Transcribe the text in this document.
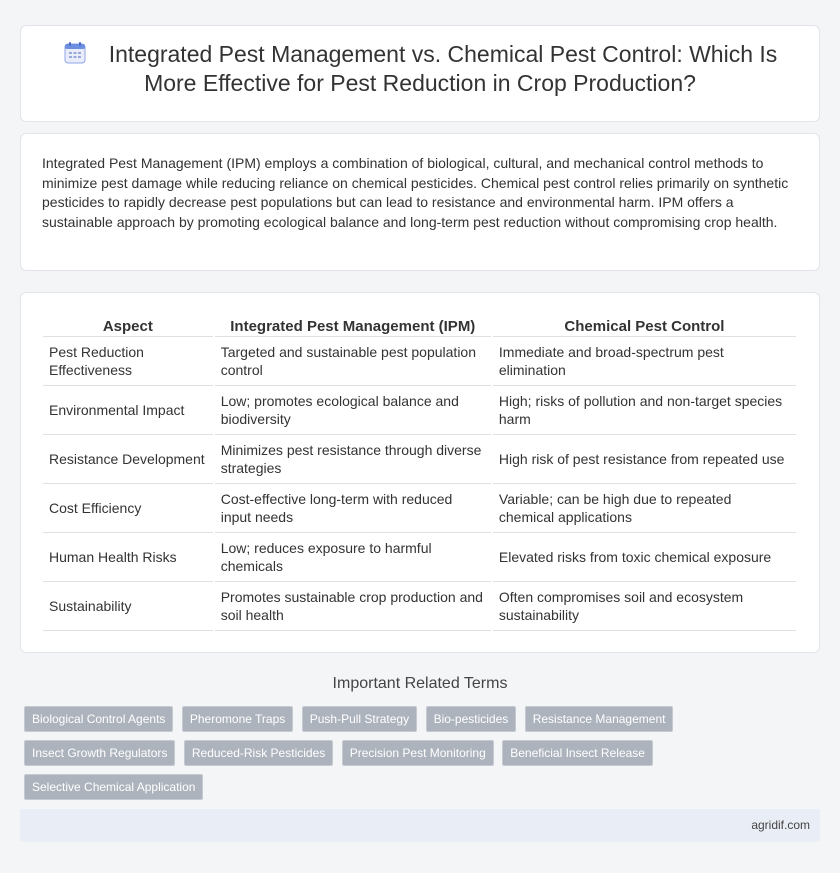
Integrated Pest Management vs. Chemical Pest Control: Which Is More Effective for Pest Reduction in Crop Production?

Integrated Pest Management (IPM) employs a combination of biological, cultural, and mechanical control methods to minimize pest damage while reducing reliance on chemical pesticides. Chemical pest control relies primarily on synthetic pesticides to rapidly decrease pest populations but can lead to resistance and environmental harm. IPM offers a sustainable approach by promoting ecological balance and long-term pest reduction without compromising crop health.

Aspect	Integrated Pest Management (IPM)	Chemical Pest Control
Pest Reduction Effectiveness	Targeted and sustainable pest population control	Immediate and broad-spectrum pest elimination
Environmental Impact	Low; promotes ecological balance and biodiversity	High; risks of pollution and non-target species harm
Resistance Development	Minimizes pest resistance through diverse strategies	High risk of pest resistance from repeated use
Cost Efficiency	Cost-effective long-term with reduced input needs	Variable; can be high due to repeated chemical applications
Human Health Risks	Low; reduces exposure to harmful chemicals	Elevated risks from toxic chemical exposure
Sustainability	Promotes sustainable crop production and soil health	Often compromises soil and ecosystem sustainability
Important Related Terms
Biological Control Agents Pheromone Traps Push-Pull Strategy Bio-pesticides Resistance Management Insect Growth Regulators Reduced-Risk Pesticides Precision Pest Monitoring Beneficial Insect Release Selective Chemical Application
agridif.com
